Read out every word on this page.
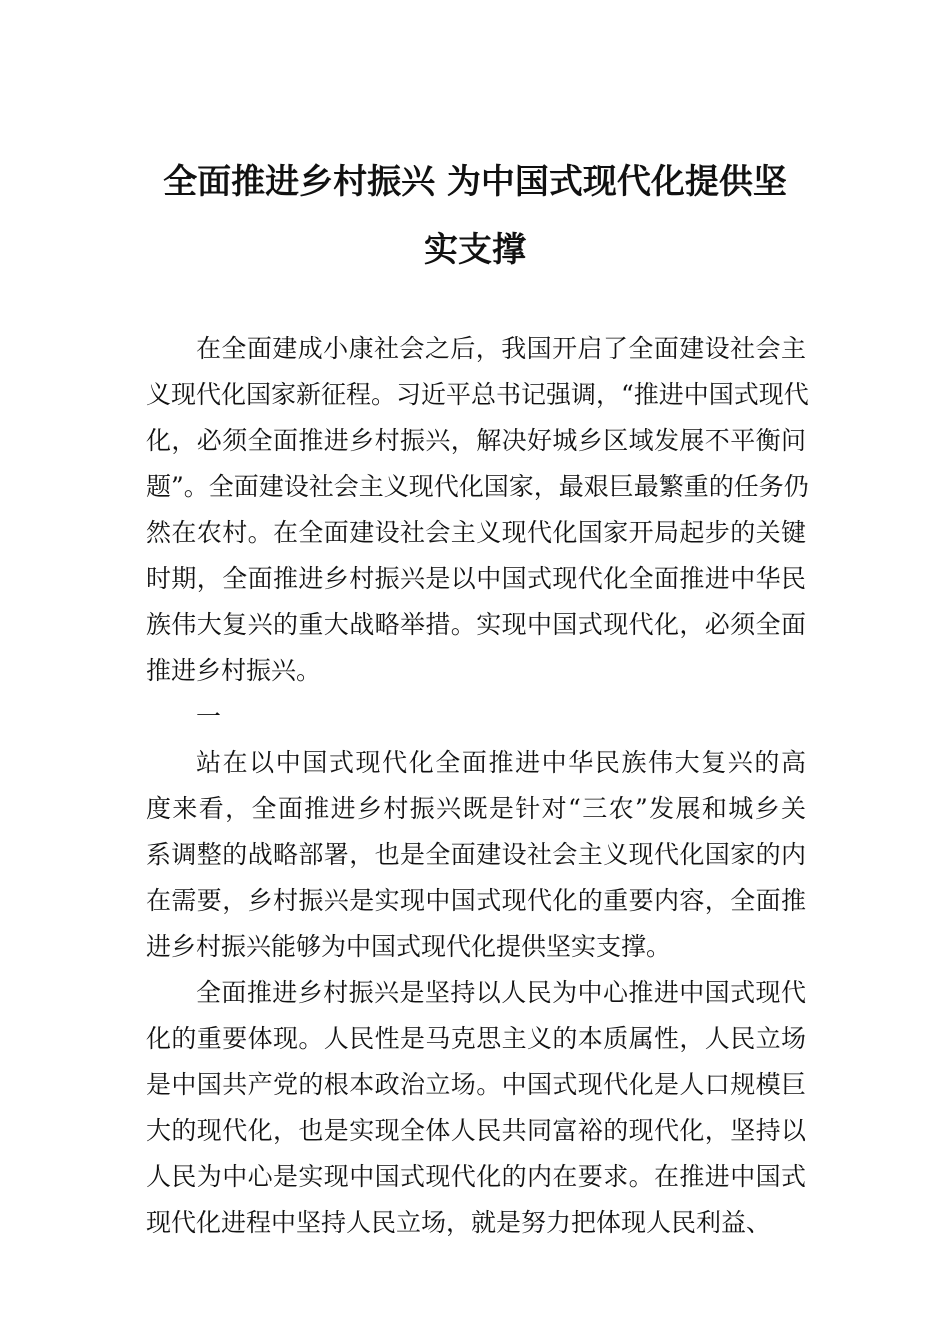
全面推进乡村振兴 为中国式现代化提供坚
实支撑
在全面建成小康社会之后，我国开启了全面建设社会主
义现代化国家新征程。习近平总书记强调，“推进中国式现代
化，必须全面推进乡村振兴，解决好城乡区域发展不平衡问
题”。全面建设社会主义现代化国家，最艰巨最繁重的任务仍
然在农村。在全面建设社会主义现代化国家开局起步的关键
时期，全面推进乡村振兴是以中国式现代化全面推进中华民
族伟大复兴的重大战略举措。实现中国式现代化，必须全面
推进乡村振兴。
一
站在以中国式现代化全面推进中华民族伟大复兴的高
度来看，全面推进乡村振兴既是针对“三农”发展和城乡关
系调整的战略部署，也是全面建设社会主义现代化国家的内
在需要，乡村振兴是实现中国式现代化的重要内容，全面推
进乡村振兴能够为中国式现代化提供坚实支撑。
全面推进乡村振兴是坚持以人民为中心推进中国式现代
化的重要体现。人民性是马克思主义的本质属性，人民立场
是中国共产党的根本政治立场。中国式现代化是人口规模巨
大的现代化，也是实现全体人民共同富裕的现代化，坚持以
人民为中心是实现中国式现代化的内在要求。在推进中国式
现代化进程中坚持人民立场，就是努力把体现人民利益、
